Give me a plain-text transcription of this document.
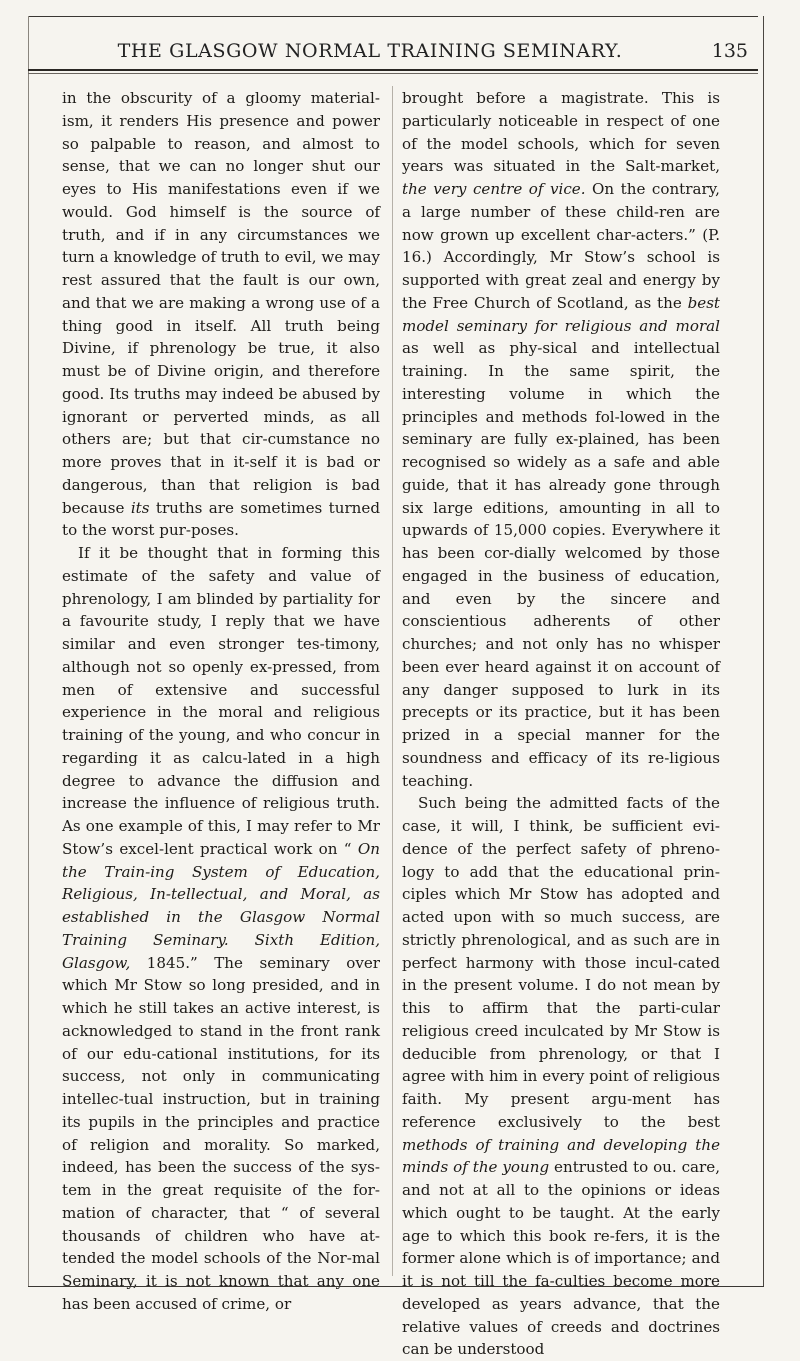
THE GLASGOW NORMAL TRAINING SEMINARY.	135

in the obscurity of a gloomy material-ism, it renders His presence and power so palpable to reason, and almost to sense, that we can no longer shut our eyes to His manifestations even if we would. God himself is the source of truth, and if in any circumstances we turn a knowledge of truth to evil, we may rest assured that the fault is our own, and that we are making a wrong use of a thing good in itself. All truth being Divine, if phrenology be true, it also must be of Divine origin, and therefore good. Its truths may indeed be abused by ignorant or perverted minds, as all others are; but that cir-cumstance no more proves that in it-self it is bad or dangerous, than that religion is bad because its truths are sometimes turned to the worst pur-poses.

If it be thought that in forming this estimate of the safety and value of phrenology, I am blinded by partiality for a favourite study, I reply that we have similar and even stronger tes-timony, although not so openly ex-pressed, from men of extensive and successful experience in the moral and religious training of the young, and who concur in regarding it as calcu-lated in a high degree to advance the diffusion and increase the influence of religious truth. As one example of this, I may refer to Mr Stow’s excel-lent practical work on “ On the Train-ing System of Education, Religious, In-tellectual, and Moral, as established in the Glasgow Normal Training Seminary. Sixth Edition, Glasgow, 1845.” The seminary over which Mr Stow so long presided, and in which he still takes an active interest, is acknowledged to stand in the front rank of our edu-cational institutions, for its success, not only in communicating intellec-tual instruction, but in training its pupils in the principles and practice of religion and morality. So marked, indeed, has been the success of the sys-tem in the great requisite of the for-mation of character, that “ of several thousands of children who have at-tended the model schools of the Nor-mal Seminary, it is not known that any one has been accused of crime, or

brought before a magistrate. This is particularly noticeable in respect of one of the model schools, which for seven years was situated in the Salt-market, the very centre of vice. On the contrary, a large number of these child-ren are now grown up excellent char-acters.” (P. 16.) Accordingly, Mr Stow’s school is supported with great zeal and energy by the Free Church of Scotland, as the best model seminary for religious and moral as well as phy-sical and intellectual training. In the same spirit, the interesting volume in which the principles and methods fol-lowed in the seminary are fully ex-plained, has been recognised so widely as a safe and able guide, that it has already gone through six large editions, amounting in all to upwards of 15,000 copies. Everywhere it has been cor-dially welcomed by those engaged in the business of education, and even by the sincere and conscientious adherents of other churches; and not only has no whisper been ever heard against it on account of any danger supposed to lurk in its precepts or its practice, but it has been prized in a special manner for the soundness and efficacy of its re-ligious teaching.

Such being the admitted facts of the case, it will, I think, be sufficient evi-dence of the perfect safety of phreno-logy to add that the educational prin-ciples which Mr Stow has adopted and acted upon with so much success, are strictly phrenological, and as such are in perfect harmony with those incul-cated in the present volume. I do not mean by this to affirm that the parti-cular religious creed inculcated by Mr Stow is deducible from phrenology, or that I agree with him in every point of religious faith. My present argu-ment has reference exclusively to the best methods of training and developing the minds of the young entrusted to ou. care, and not at all to the opinions or ideas which ought to be taught. At the early age to which this book re-fers, it is the former alone which is of importance; and it is not till the fa-culties become more developed as years advance, that the relative values of creeds and doctrines can be understood
